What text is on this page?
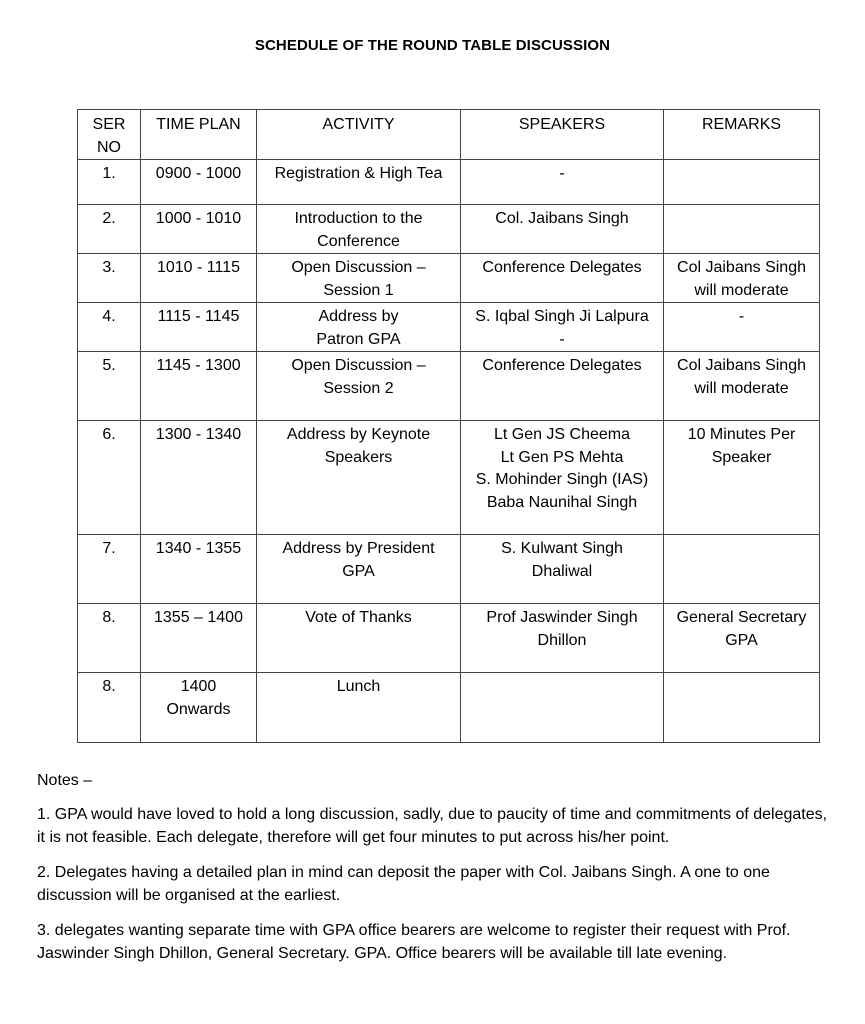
SCHEDULE OF THE ROUND TABLE DISCUSSION
SER NO	TIME PLAN	ACTIVITY	SPEAKERS	REMARKS
1.	0900 - 1000	Registration & High Tea	-	

2.	1000 - 1010	Introduction to the
Conference	Col. Jaibans Singh	

3.	1010 - 1115	Open Discussion –
Session 1	Conference Delegates	Col Jaibans Singh
will moderate

4.	1115 - 1145	Address by
Patron GPA	S. Iqbal Singh Ji Lalpura
-	-

5.	1145 - 1300	Open Discussion –
Session 2	Conference Delegates	Col Jaibans Singh
will moderate

6.	1300 - 1340	Address by Keynote
Speakers	Lt Gen JS Cheema
Lt Gen PS Mehta
S. Mohinder Singh (IAS)
Baba Naunihal Singh	10 Minutes Per
Speaker

7.	1340 - 1355	Address by President
GPA	S. Kulwant Singh
Dhaliwal	

8.	1355 – 1400	Vote of Thanks	Prof Jaswinder Singh
Dhillon	General Secretary
GPA

8.	1400
Onwards	Lunch		

Notes –

1. GPA would have loved to hold a long discussion, sadly, due to paucity of time and commitments of delegates, it is not feasible. Each delegate, therefore will get four minutes to put across his/her point.

2. Delegates having a detailed plan in mind can deposit the paper with Col. Jaibans Singh. A one to one discussion will be organised at the earliest.

3. delegates wanting separate time with GPA office bearers are welcome to register their request with Prof. Jaswinder Singh Dhillon, General Secretary. GPA. Office bearers will be available till late evening.
